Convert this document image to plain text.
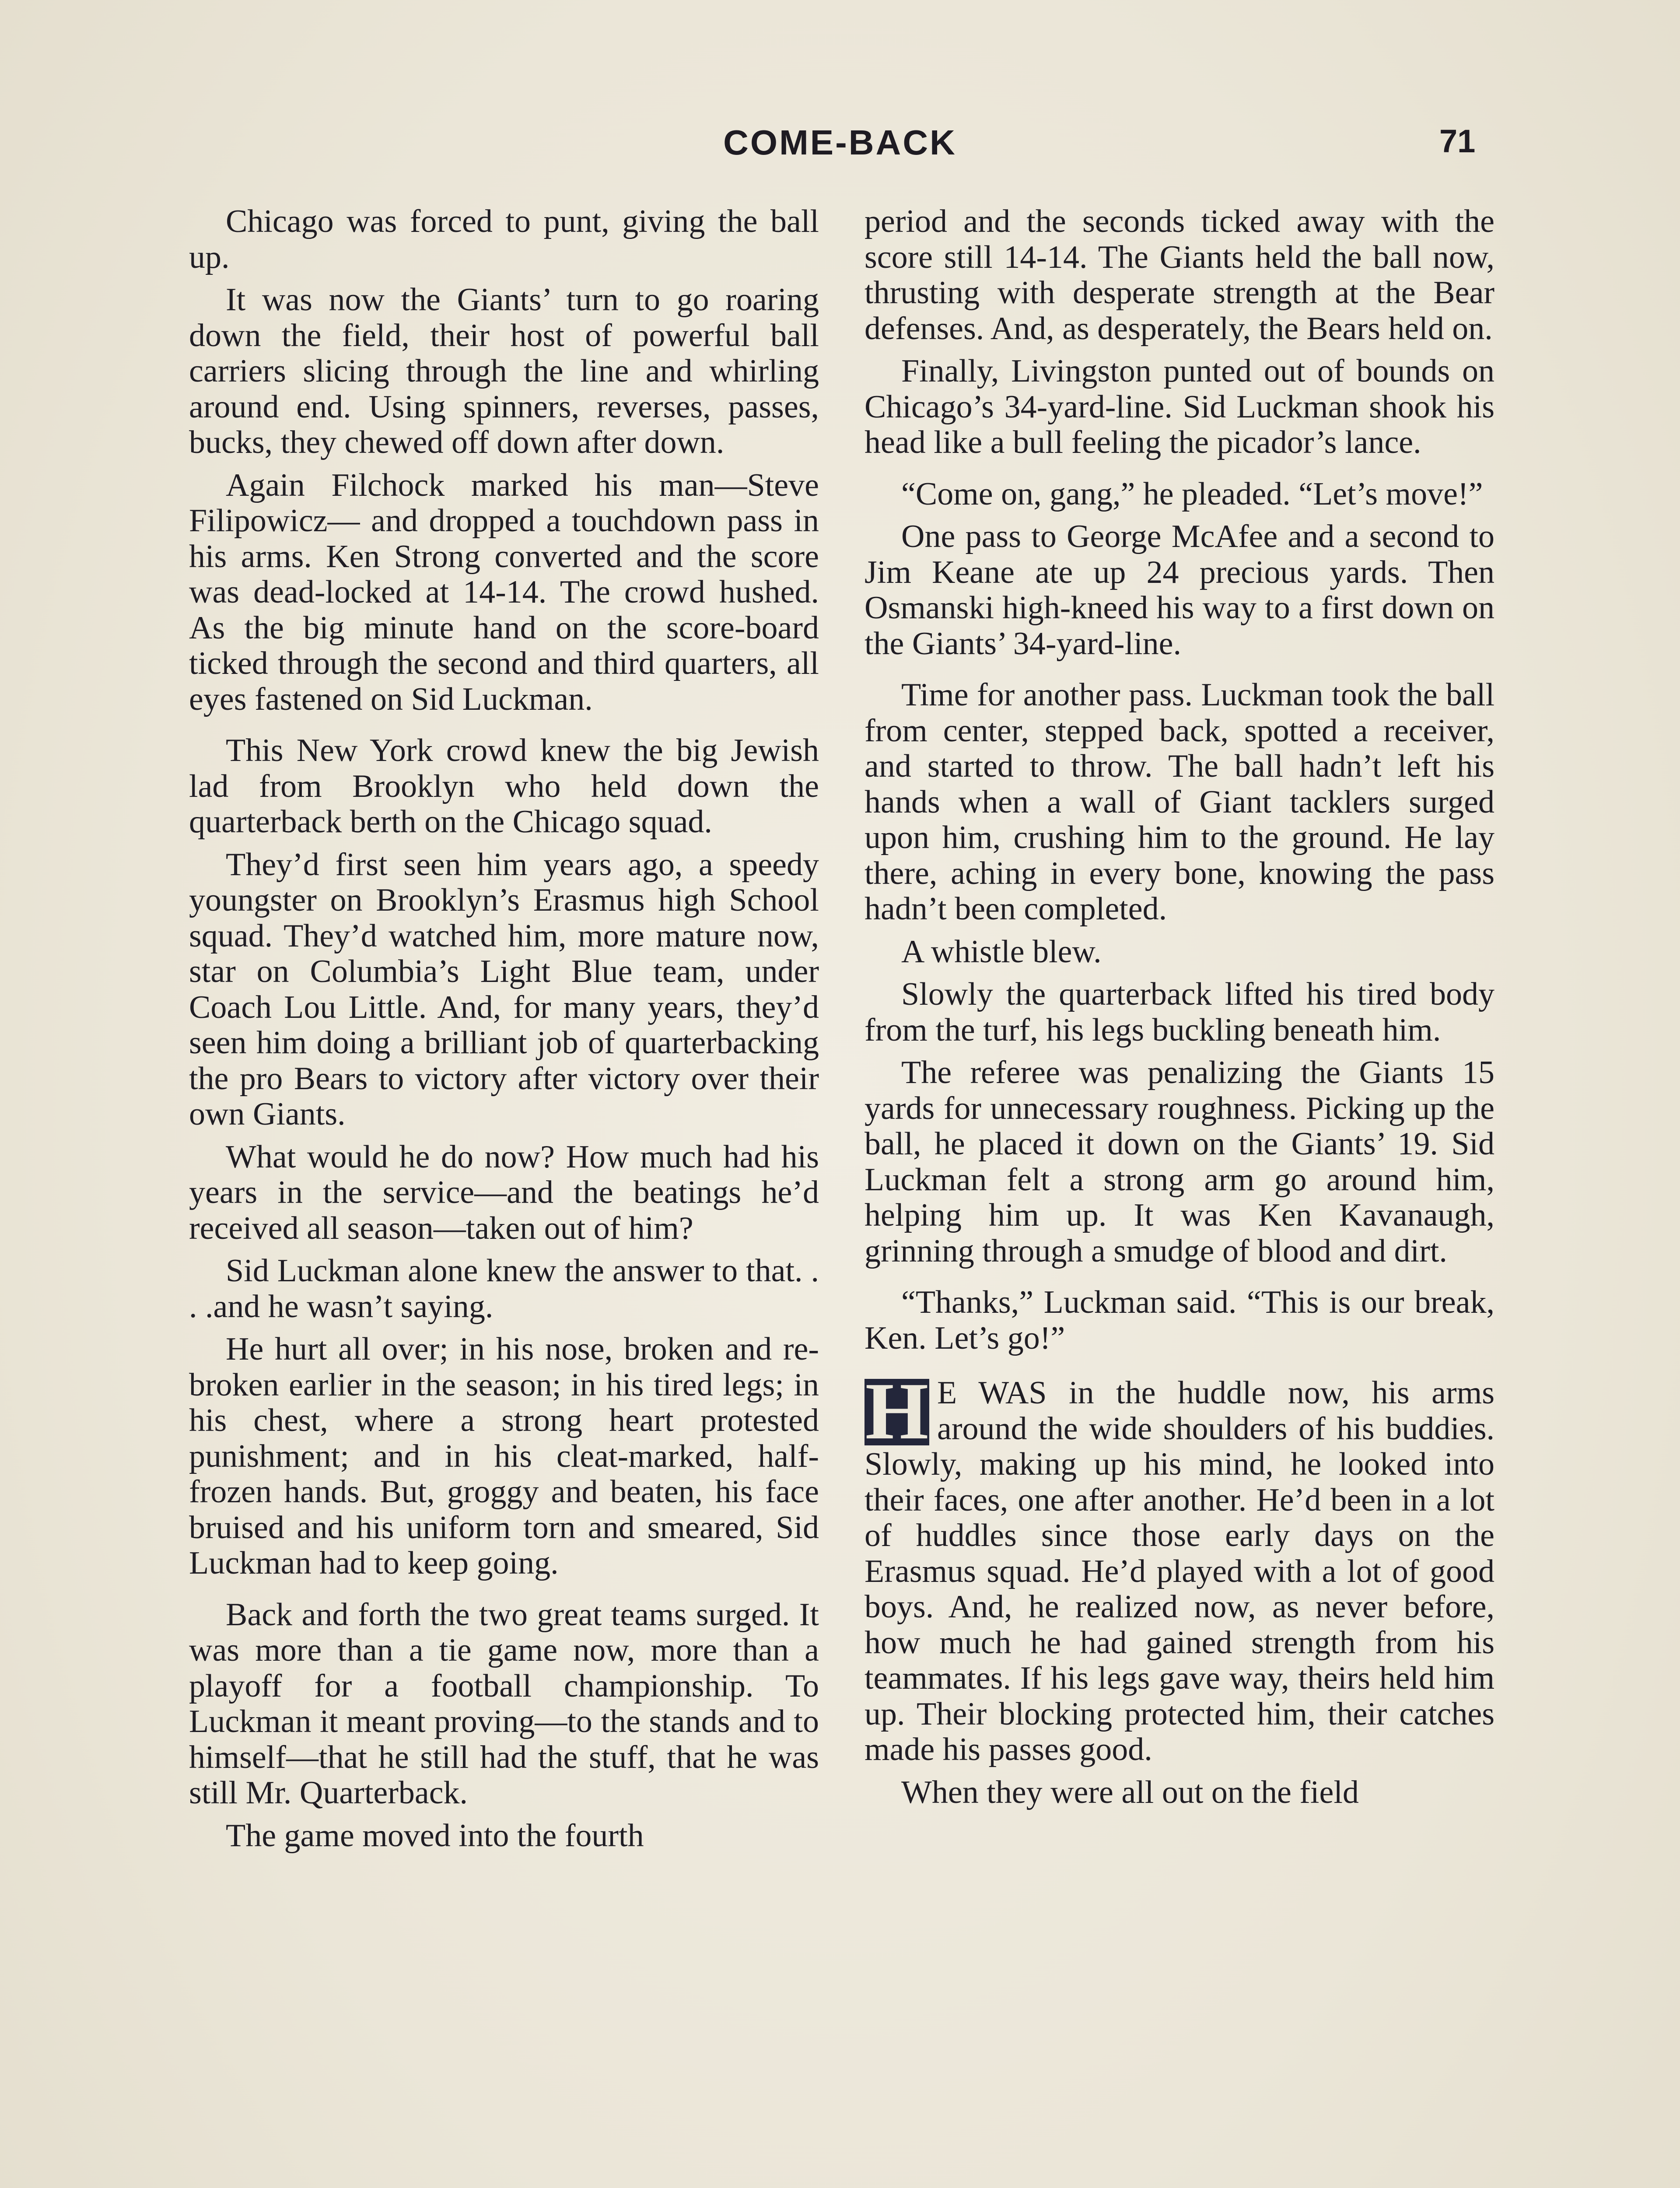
COME-BACK	71

Chicago was forced to punt, giving the ball up.

It was now the Giants’ turn to go roaring down the field, their host of powerful ball carriers slicing through the line and whirling around end. Using spinners, reverses, passes, bucks, they chewed off down after down.

Again Filchock marked his man—Steve Filipowicz— and dropped a touchdown pass in his arms. Ken Strong converted and the score was dead-locked at 14-14. The crowd hushed. As the big minute hand on the score-board ticked through the second and third quarters, all eyes fastened on Sid Luckman.

This New York crowd knew the big Jewish lad from Brooklyn who held down the quarterback berth on the Chicago squad.

They’d first seen him years ago, a speedy youngster on Brooklyn’s Erasmus high School squad. They’d watched him, more mature now, star on Columbia’s Light Blue team, under Coach Lou Little. And, for many years, they’d seen him doing a brilliant job of quarterbacking the pro Bears to victory after victory over their own Giants.

What would he do now? How much had his years in the service—and the beatings he’d received all season—taken out of him?

Sid Luckman alone knew the answer to that. . . .and he wasn’t saying.

He hurt all over; in his nose, broken and re-broken earlier in the season; in his tired legs; in his chest, where a strong heart protested punishment; and in his cleat-marked, half-frozen hands. But, groggy and beaten, his face bruised and his uniform torn and smeared, Sid Luckman had to keep going.

Back and forth the two great teams surged. It was more than a tie game now, more than a playoff for a football championship. To Luckman it meant proving—to the stands and to himself—that he still had the stuff, that he was still Mr. Quarterback.

The game moved into the fourth

period and the seconds ticked away with the score still 14-14. The Giants held the ball now, thrusting with desperate strength at the Bear defenses. And, as desperately, the Bears held on.

Finally, Livingston punted out of bounds on Chicago’s 34-yard-line. Sid Luckman shook his head like a bull feeling the picador’s lance.

“Come on, gang,” he pleaded. “Let’s move!”

One pass to George McAfee and a second to Jim Keane ate up 24 precious yards. Then Osmanski high-kneed his way to a first down on the Giants’ 34-yard-line.

Time for another pass. Luckman took the ball from center, stepped back, spotted a receiver, and started to throw. The ball hadn’t left his hands when a wall of Giant tacklers surged upon him, crushing him to the ground. He lay there, aching in every bone, knowing the pass hadn’t been completed.

A whistle blew.

Slowly the quarterback lifted his tired body from the turf, his legs buckling beneath him.

The referee was penalizing the Giants 15 yards for unnecessary roughness. Picking up the ball, he placed it down on the Giants’ 19. Sid Luckman felt a strong arm go around him, helping him up. It was Ken Kavanaugh, grinning through a smudge of blood and dirt.

“Thanks,” Luckman said. “This is our break, Ken. Let’s go!”

H E WAS in the huddle now, his arms around the wide shoulders of his buddies. Slowly, making up his mind, he looked into their faces, one after another. He’d been in a lot of huddles since those early days on the Erasmus squad. He’d played with a lot of good boys. And, he realized now, as never before, how much he had gained strength from his teammates. If his legs gave way, theirs held him up. Their blocking protected him, their catches made his passes good.

When they were all out on the field
